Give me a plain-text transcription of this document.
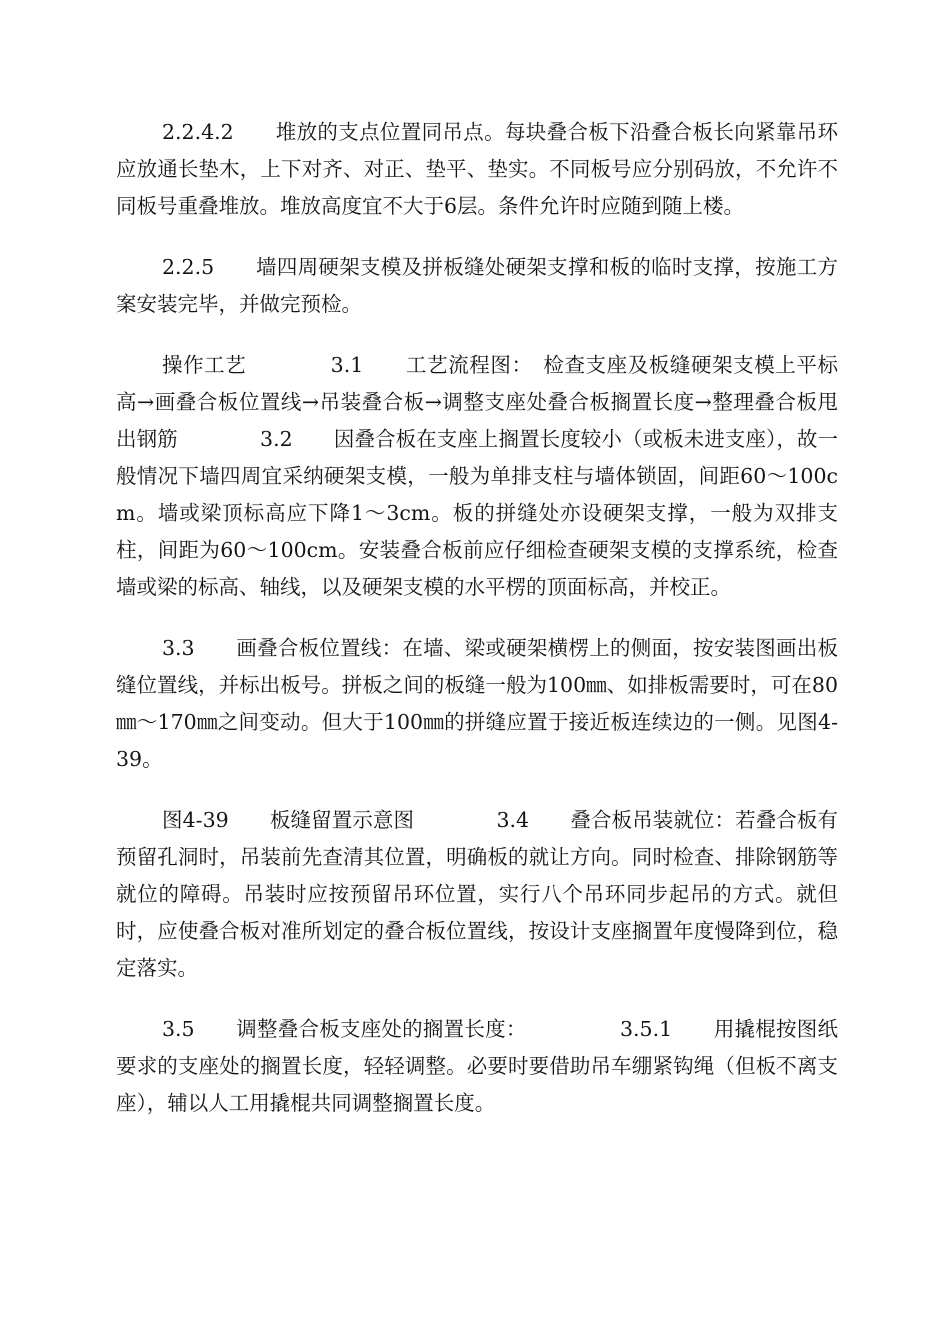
2.2.4.2　　堆放的支点位置同吊点。每块叠合板下沿叠合板长向紧靠吊环应放通长垫木，上下对齐、对正、垫平、垫实。不同板号应分别码放，不允许不同板号重叠堆放。堆放高度宜不大于6层。条件允许时应随到随上楼。

2.2.5　　墙四周硬架支模及拼板缝处硬架支撑和板的临时支撑，按施工方案安装完毕，并做完预检。

操作工艺　　　　3.1　　工艺流程图：　检查支座及板缝硬架支模上平标高→画叠合板位置线→吊装叠合板→调整支座处叠合板搁置长度→整理叠合板甩出钢筋　　　　3.2　　因叠合板在支座上搁置长度较小（或板未进支座），故一般情况下墙四周宜采纳硬架支模，一般为单排支柱与墙体锁固，间距60～100cm。墙或梁顶标高应下降1～3cm。板的拼缝处亦设硬架支撑，一般为双排支柱，间距为60～100cm。安装叠合板前应仔细检查硬架支模的支撑系统，检查墙或梁的标高、轴线，以及硬架支模的水平楞的顶面标高，并校正。

3.3　　画叠合板位置线：在墙、梁或硬架横楞上的侧面，按安装图画出板缝位置线，并标出板号。拼板之间的板缝一般为100㎜、如排板需要时，可在80㎜～170㎜之间变动。但大于100㎜的拼缝应置于接近板连续边的一侧。见图4-39。

图4-39　　板缝留置示意图　　　　3.4　　叠合板吊装就位：若叠合板有预留孔洞时，吊装前先查清其位置，明确板的就让方向。同时检查、排除钢筋等就位的障碍。吊装时应按预留吊环位置，实行八个吊环同步起吊的方式。就但时，应使叠合板对准所划定的叠合板位置线，按设计支座搁置年度慢降到位，稳定落实。

3.5　　调整叠合板支座处的搁置长度：　　　　　3.5.1　　用撬棍按图纸要求的支座处的搁置长度，轻轻调整。必要时要借助吊车绷紧钩绳（但板不离支座），辅以人工用撬棍共同调整搁置长度。
